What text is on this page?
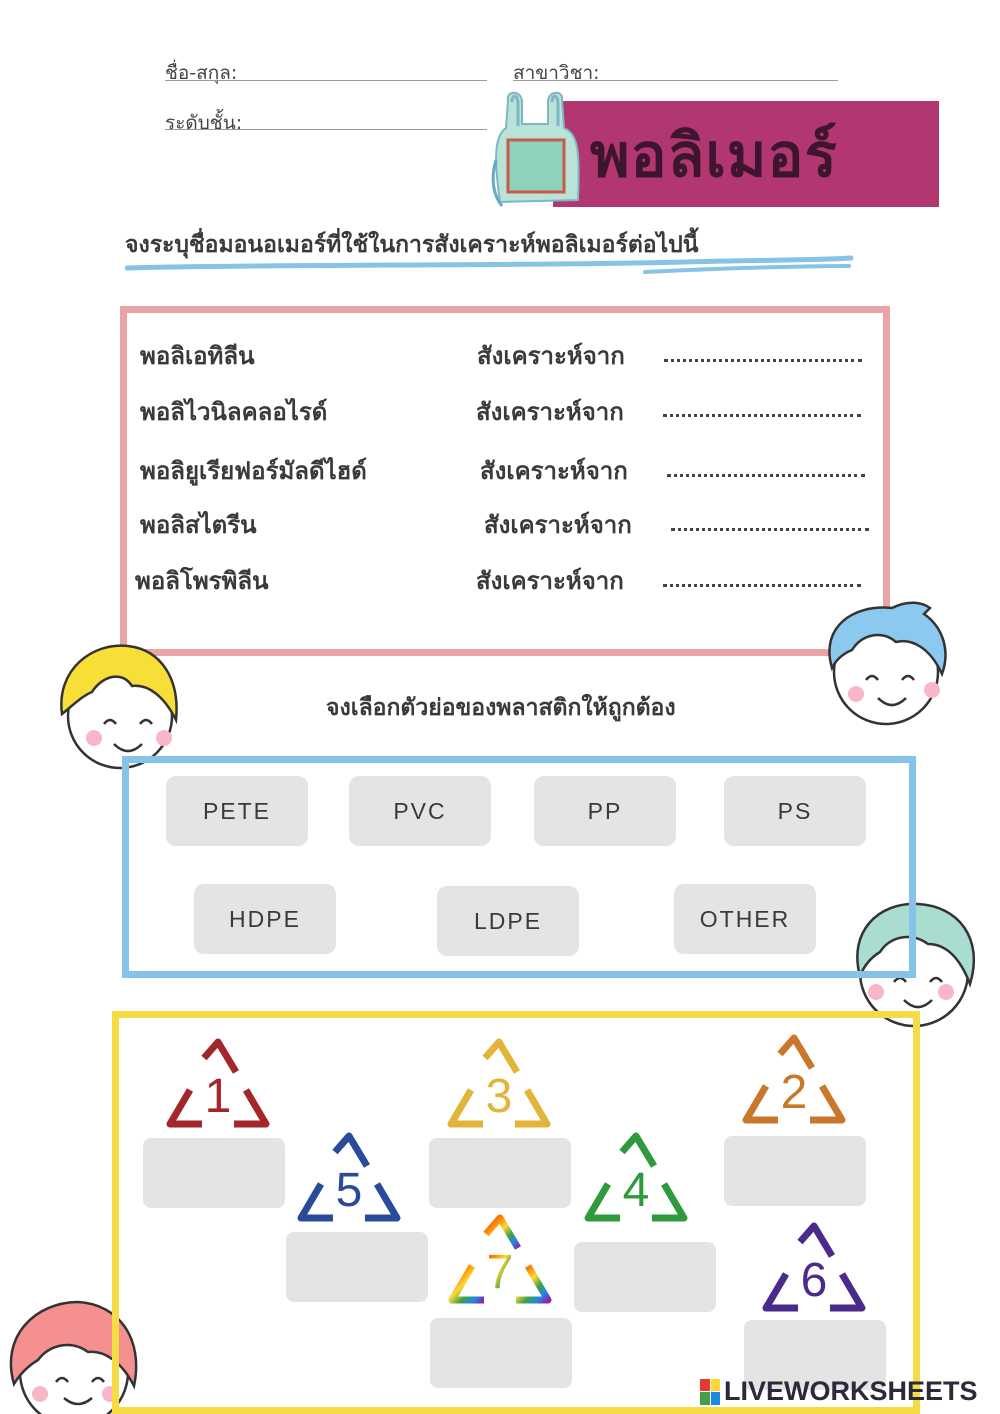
ชื่อ-สกุล:	สาขาวิชา:
ระดับชั้น:	พอลิเมอร์
จงระบุชื่อมอนอเมอร์ที่ใช้ในการสังเคราะห์พอลิเมอร์ต่อไปนี้
พอลิเอทิลีน	สังเคราะห์จาก
พอลิไวนิลคลอไรด์	สังเคราะห์จาก
พอลิยูเรียฟอร์มัลดีไฮด์	สังเคราะห์จาก
พอลิสไตรีน	สังเคราะห์จาก
พอลิโพรพิลีน	สังเคราะห์จาก
จงเลือกตัวย่อของพลาสติกให้ถูกต้อง
PETE	PVC	PP	PS
HDPE	LDPE	OTHER
1	3	2
5	4
7	6
LIVEWORKSHEETS
